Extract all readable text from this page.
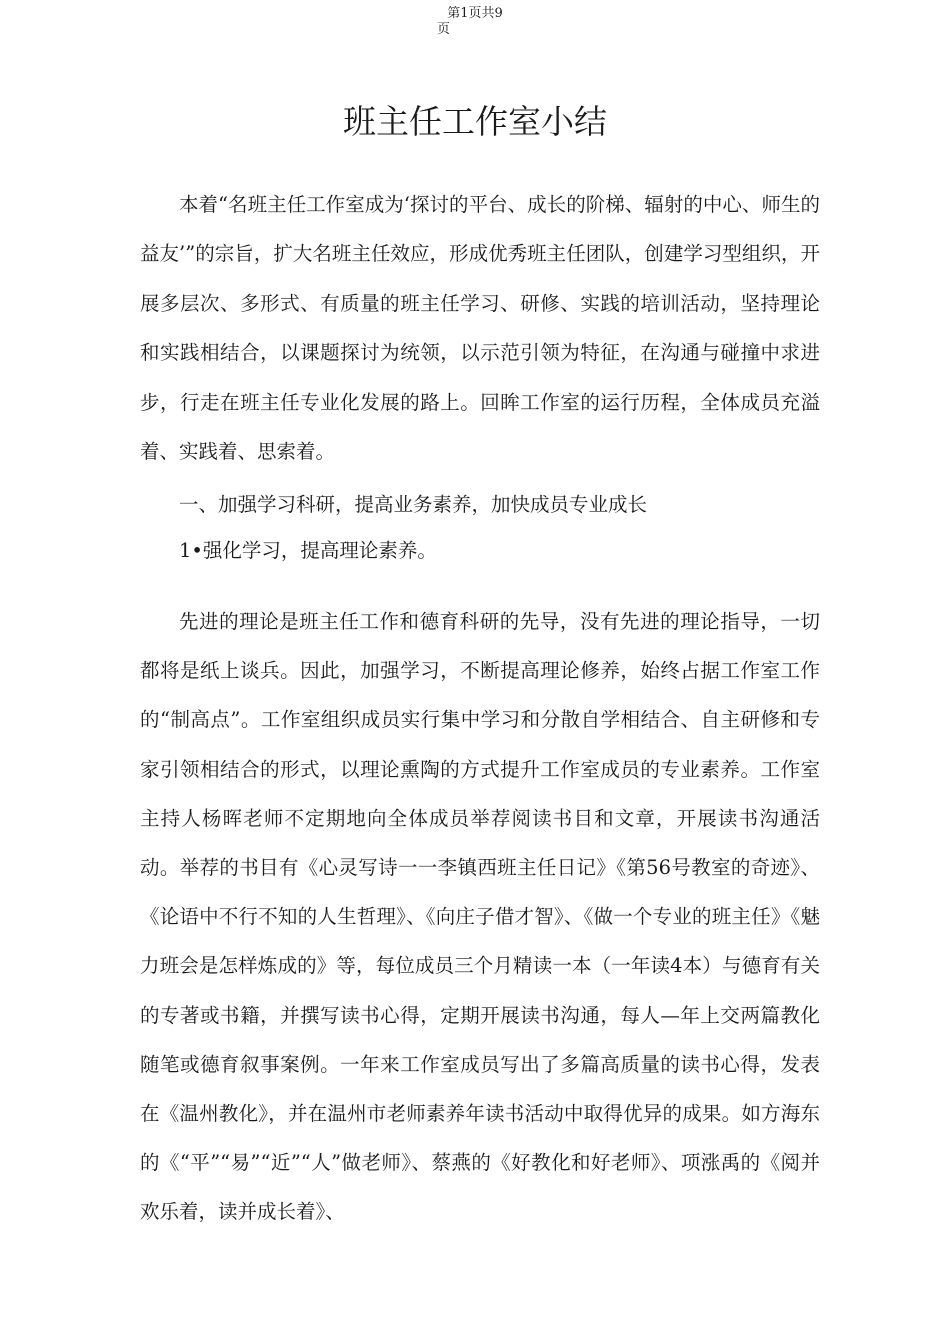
第1页共9
页
班主任工作室小结

本着“名班主任工作室成为‘探讨的平台、成长的阶梯、辐射的中心、师生的益友’”的宗旨，扩大名班主任效应，形成优秀班主任团队，创建学习型组织，开展多层次、多形式、有质量的班主任学习、研修、实践的培训活动，坚持理论和实践相结合，以课题探讨为统领，以示范引领为特征，在沟通与碰撞中求进步，行走在班主任专业化发展的路上。回眸工作室的运行历程，全体成员充溢着、实践着、思索着。

一、加强学习科研，提高业务素养，加快成员专业成长

1•强化学习，提高理论素养。

先进的理论是班主任工作和德育科研的先导，没有先进的理论指导，一切都将是纸上谈兵。因此，加强学习，不断提高理论修养，始终占据工作室工作的“制高点”。工作室组织成员实行集中学习和分散自学相结合、自主研修和专家引领相结合的形式，以理论熏陶的方式提升工作室成员的专业素养。工作室主持人杨晖老师不定期地向全体成员举荐阅读书目和文章，开展读书沟通活动。举荐的书目有《心灵写诗一一李镇西班主任日记》《第56号教室的奇迹》、《论语中不行不知的人生哲理》、《向庄子借才智》、《做一个专业的班主任》《魅力班会是怎样炼成的》等，每位成员三个月精读一本（一年读4本）与德育有关的专著或书籍，并撰写读书心得，定期开展读书沟通，每人—年上交两篇教化随笔或德育叙事案例。一年来工作室成员写出了多篇高质量的读书心得，发表在《温州教化》，并在温州市老师素养年读书活动中取得优异的成果。如方海东的《“平”“易”“近”“人”做老师》、蔡燕的《好教化和好老师》、项涨禹的《阅并欢乐着，读并成长着》、
